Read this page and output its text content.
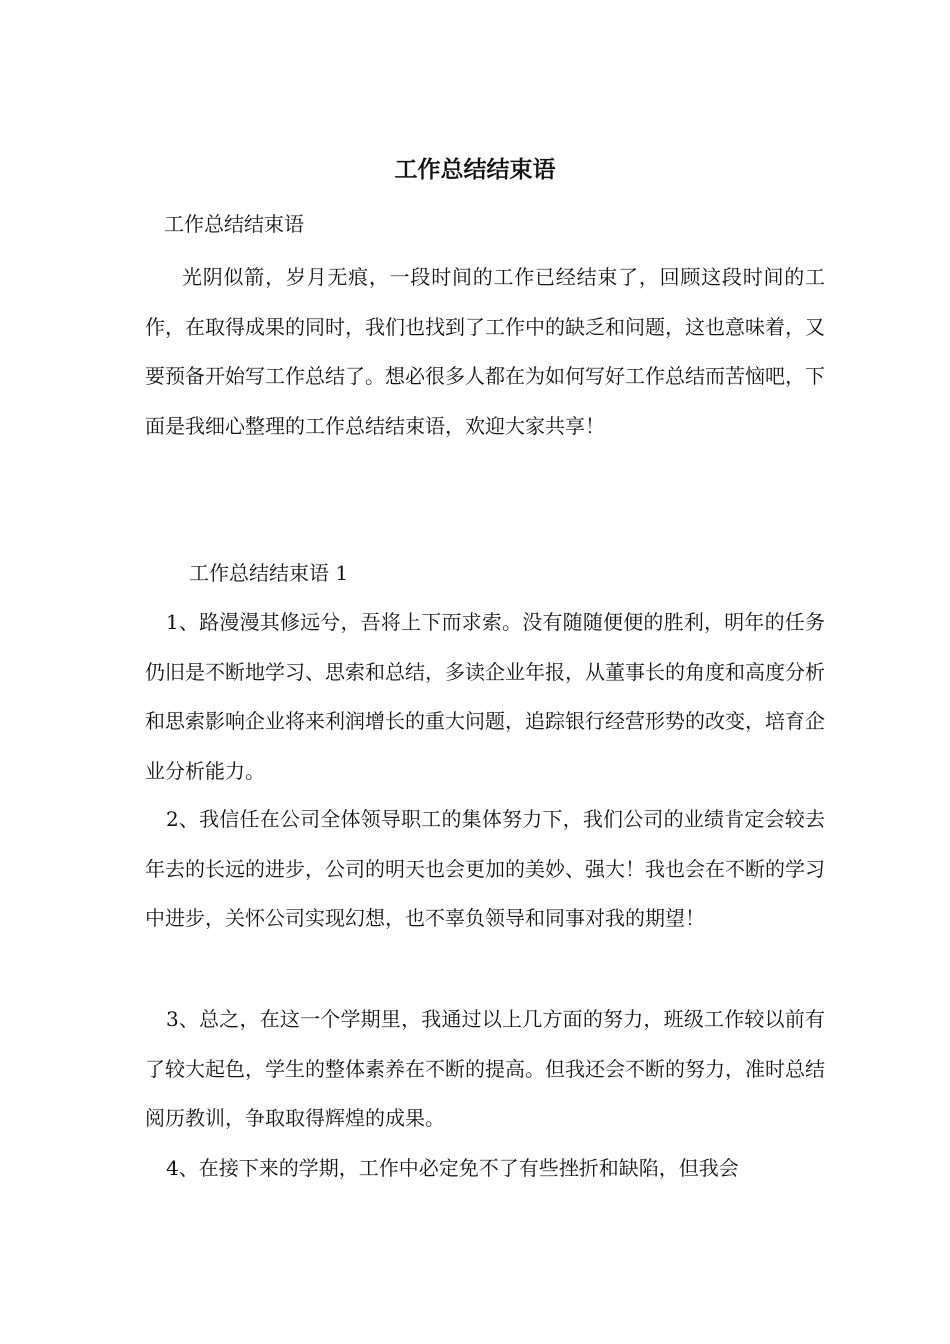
工作总结结束语

工作总结结束语

光阴似箭，岁月无痕，一段时间的工作已经结束了，回顾这段时间的工作，在取得成果的同时，我们也找到了工作中的缺乏和问题，这也意味着，又要预备开始写工作总结了。想必很多人都在为如何写好工作总结而苦恼吧，下面是我细心整理的工作总结结束语，欢迎大家共享！

工作总结结束语 1

1、路漫漫其修远兮，吾将上下而求索。没有随随便便的胜利，明年的任务仍旧是不断地学习、思索和总结，多读企业年报，从董事长的角度和高度分析和思索影响企业将来利润增长的重大问题，追踪银行经营形势的改变，培育企业分析能力。

2、我信任在公司全体领导职工的集体努力下，我们公司的业绩肯定会较去年去的长远的进步，公司的明天也会更加的美妙、强大！我也会在不断的学习中进步，关怀公司实现幻想，也不辜负领导和同事对我的期望！

3、总之，在这一个学期里，我通过以上几方面的努力，班级工作较以前有了较大起色，学生的整体素养在不断的提高。但我还会不断的努力，准时总结阅历教训，争取取得辉煌的成果。

4、在接下来的学期，工作中必定免不了有些挫折和缺陷，但我会
